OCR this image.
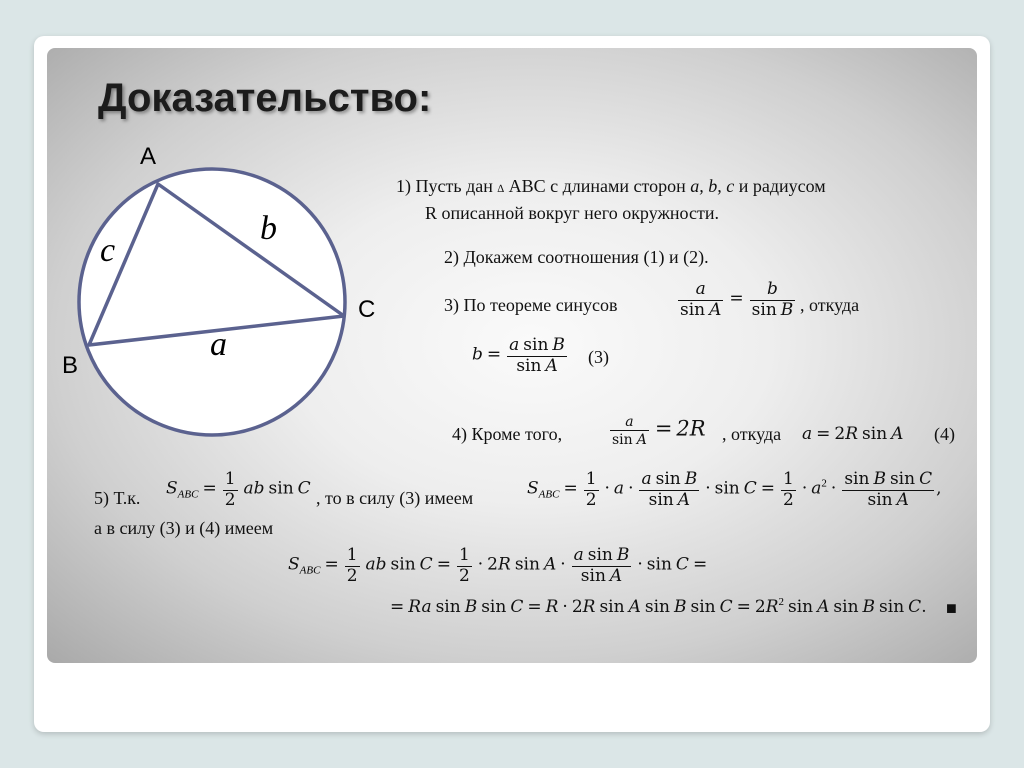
Доказательство:
A
B
C
a
b
c
1) Пусть дан ∆ ABC с длинами сторон a, b, c и радиусом
R описанной вокруг него окружности.
2) Докажем соотношения (1) и (2).
3) По теореме синусов	$\frac{a}{\text{sin A}} = \frac{b}{\text{sin B}}$ , откуда
$b = \frac{\text{a sin B}}{\text{sin A}} (3)$
4) Кроме того,	$\frac{a}{\text{sin A}} = 2R$ , откуда a = 2R sin A (4)
5) Т.к. $S_{ABC} = \frac{1}{2}$ ab sin C , то в силу (3) имеем	$S_{ABC} = \frac{1}{2} \cdot a \cdot \frac{\text{a sin B}}{\text{sin A}} \cdot \sin C = \frac{1}{2} \cdot a^2 \cdot \frac{\text{sin B sin C}}{\text{sin A}}$ ,
а в силу (3) и (4) имеем
$S_{ABC} = \frac{1}{2}$ ab $\sin C = \frac{1}{2} \cdot 2R$ $\sin A \cdot \frac{\text{a sin B}}{\text{sin A}} \cdot \sin C$ =
= Ra sin B sin C = R · 2R sin A sin B $\sin C = 2R^2$ sin A sin B sin C. ■
